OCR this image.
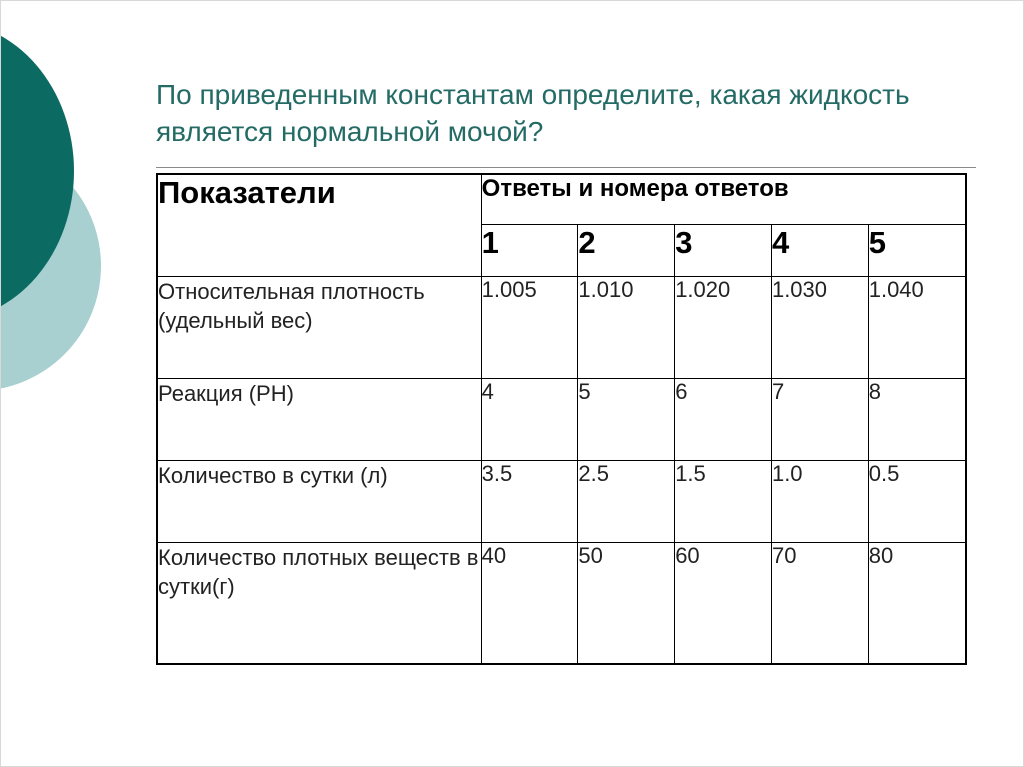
По приведенным константам определите, какая жидкость является нормальной мочой?
Показатели	Ответы и номера ответов				
	1	2	3	4	5
Относительная плотность (удельный вес)	1.005	1.010	1.020	1.030	1.040
Реакция (PH)	4	5	6	7	8
Количество в сутки (л)	3.5	2.5	1.5	1.0	0.5
Количество плотных веществ в сутки(г)	40	50	60	70	80
